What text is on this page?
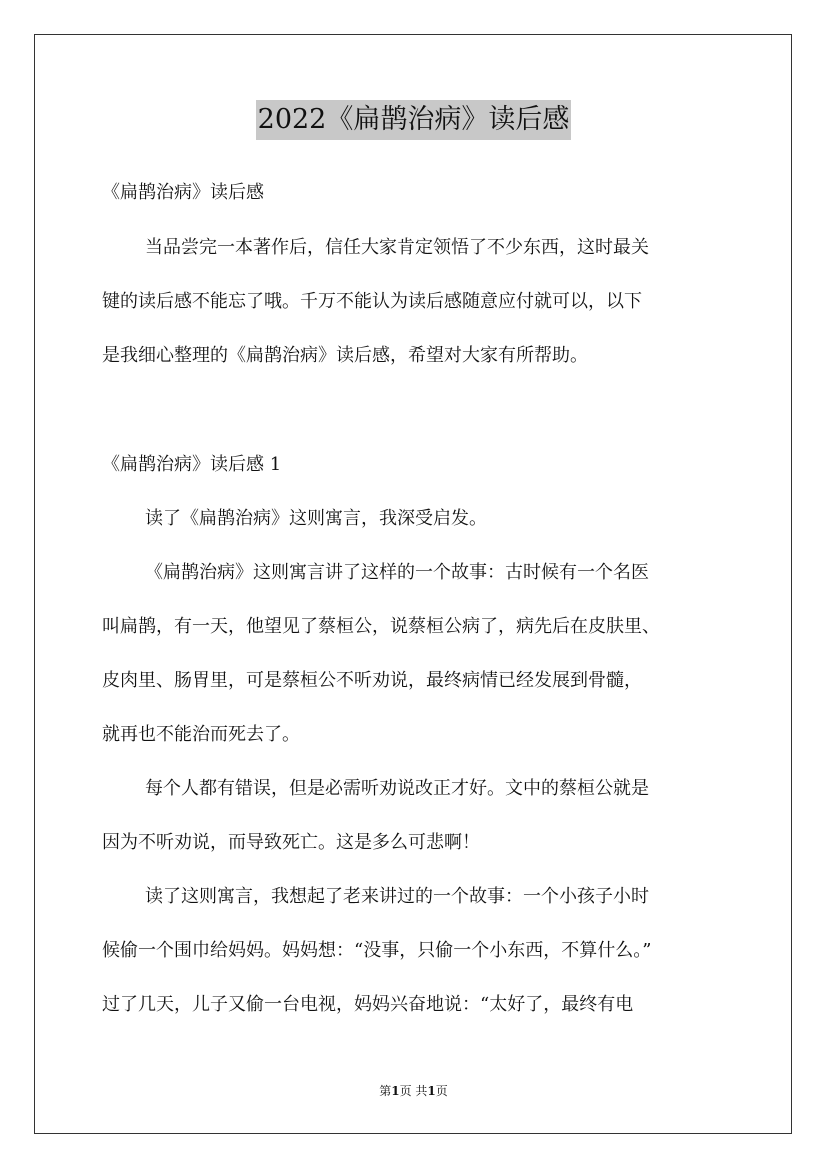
2022《扁鹊治病》读后感
《扁鹊治病》读后感
当品尝完一本著作后，信任大家肯定领悟了不少东西，这时最关
键的读后感不能忘了哦。千万不能认为读后感随意应付就可以，以下
是我细心整理的《扁鹊治病》读后感，希望对大家有所帮助。
《扁鹊治病》读后感 1
读了《扁鹊治病》这则寓言，我深受启发。
《扁鹊治病》这则寓言讲了这样的一个故事：古时候有一个名医
叫扁鹊，有一天，他望见了蔡桓公，说蔡桓公病了，病先后在皮肤里、
皮肉里、肠胃里，可是蔡桓公不听劝说，最终病情已经发展到骨髓，
就再也不能治而死去了。
每个人都有错误，但是必需听劝说改正才好。文中的蔡桓公就是
因为不听劝说，而导致死亡。这是多么可悲啊！
读了这则寓言，我想起了老来讲过的一个故事：一个小孩子小时
候偷一个围巾给妈妈。妈妈想：“没事，只偷一个小东西，不算什么。”
过了几天，儿子又偷一台电视，妈妈兴奋地说：“太好了，最终有电
第1页 共1页
